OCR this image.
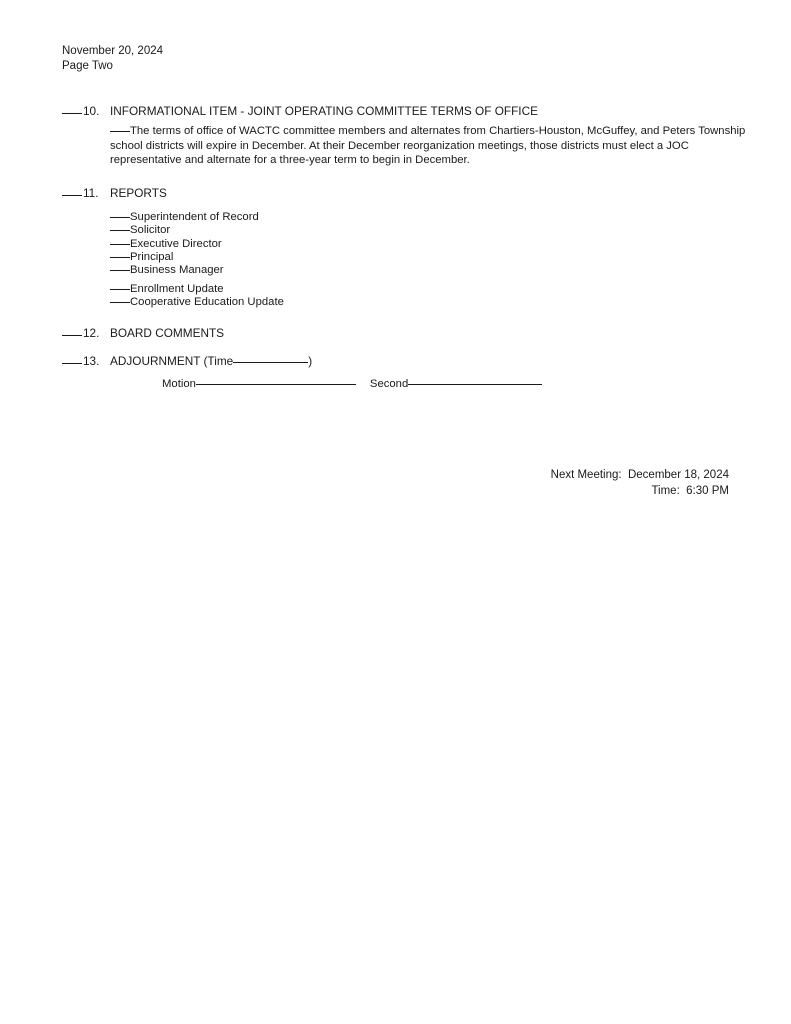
November 20, 2024
Page Two
10. INFORMATIONAL ITEM - JOINT OPERATING COMMITTEE TERMS OF OFFICE
The terms of office of WACTC committee members and alternates from Chartiers-Houston, McGuffey, and Peters Township school districts will expire in December. At their December reorganization meetings, those districts must elect a JOC representative and alternate for a three-year term to begin in December.
11. REPORTS
Superintendent of Record
Solicitor
Executive Director
Principal
Business Manager
Enrollment Update
Cooperative Education Update
12. BOARD COMMENTS
13. ADJOURNMENT (Time	)
Motion	Second
Next Meeting:  December 18, 2024
Time:  6:30 PM
